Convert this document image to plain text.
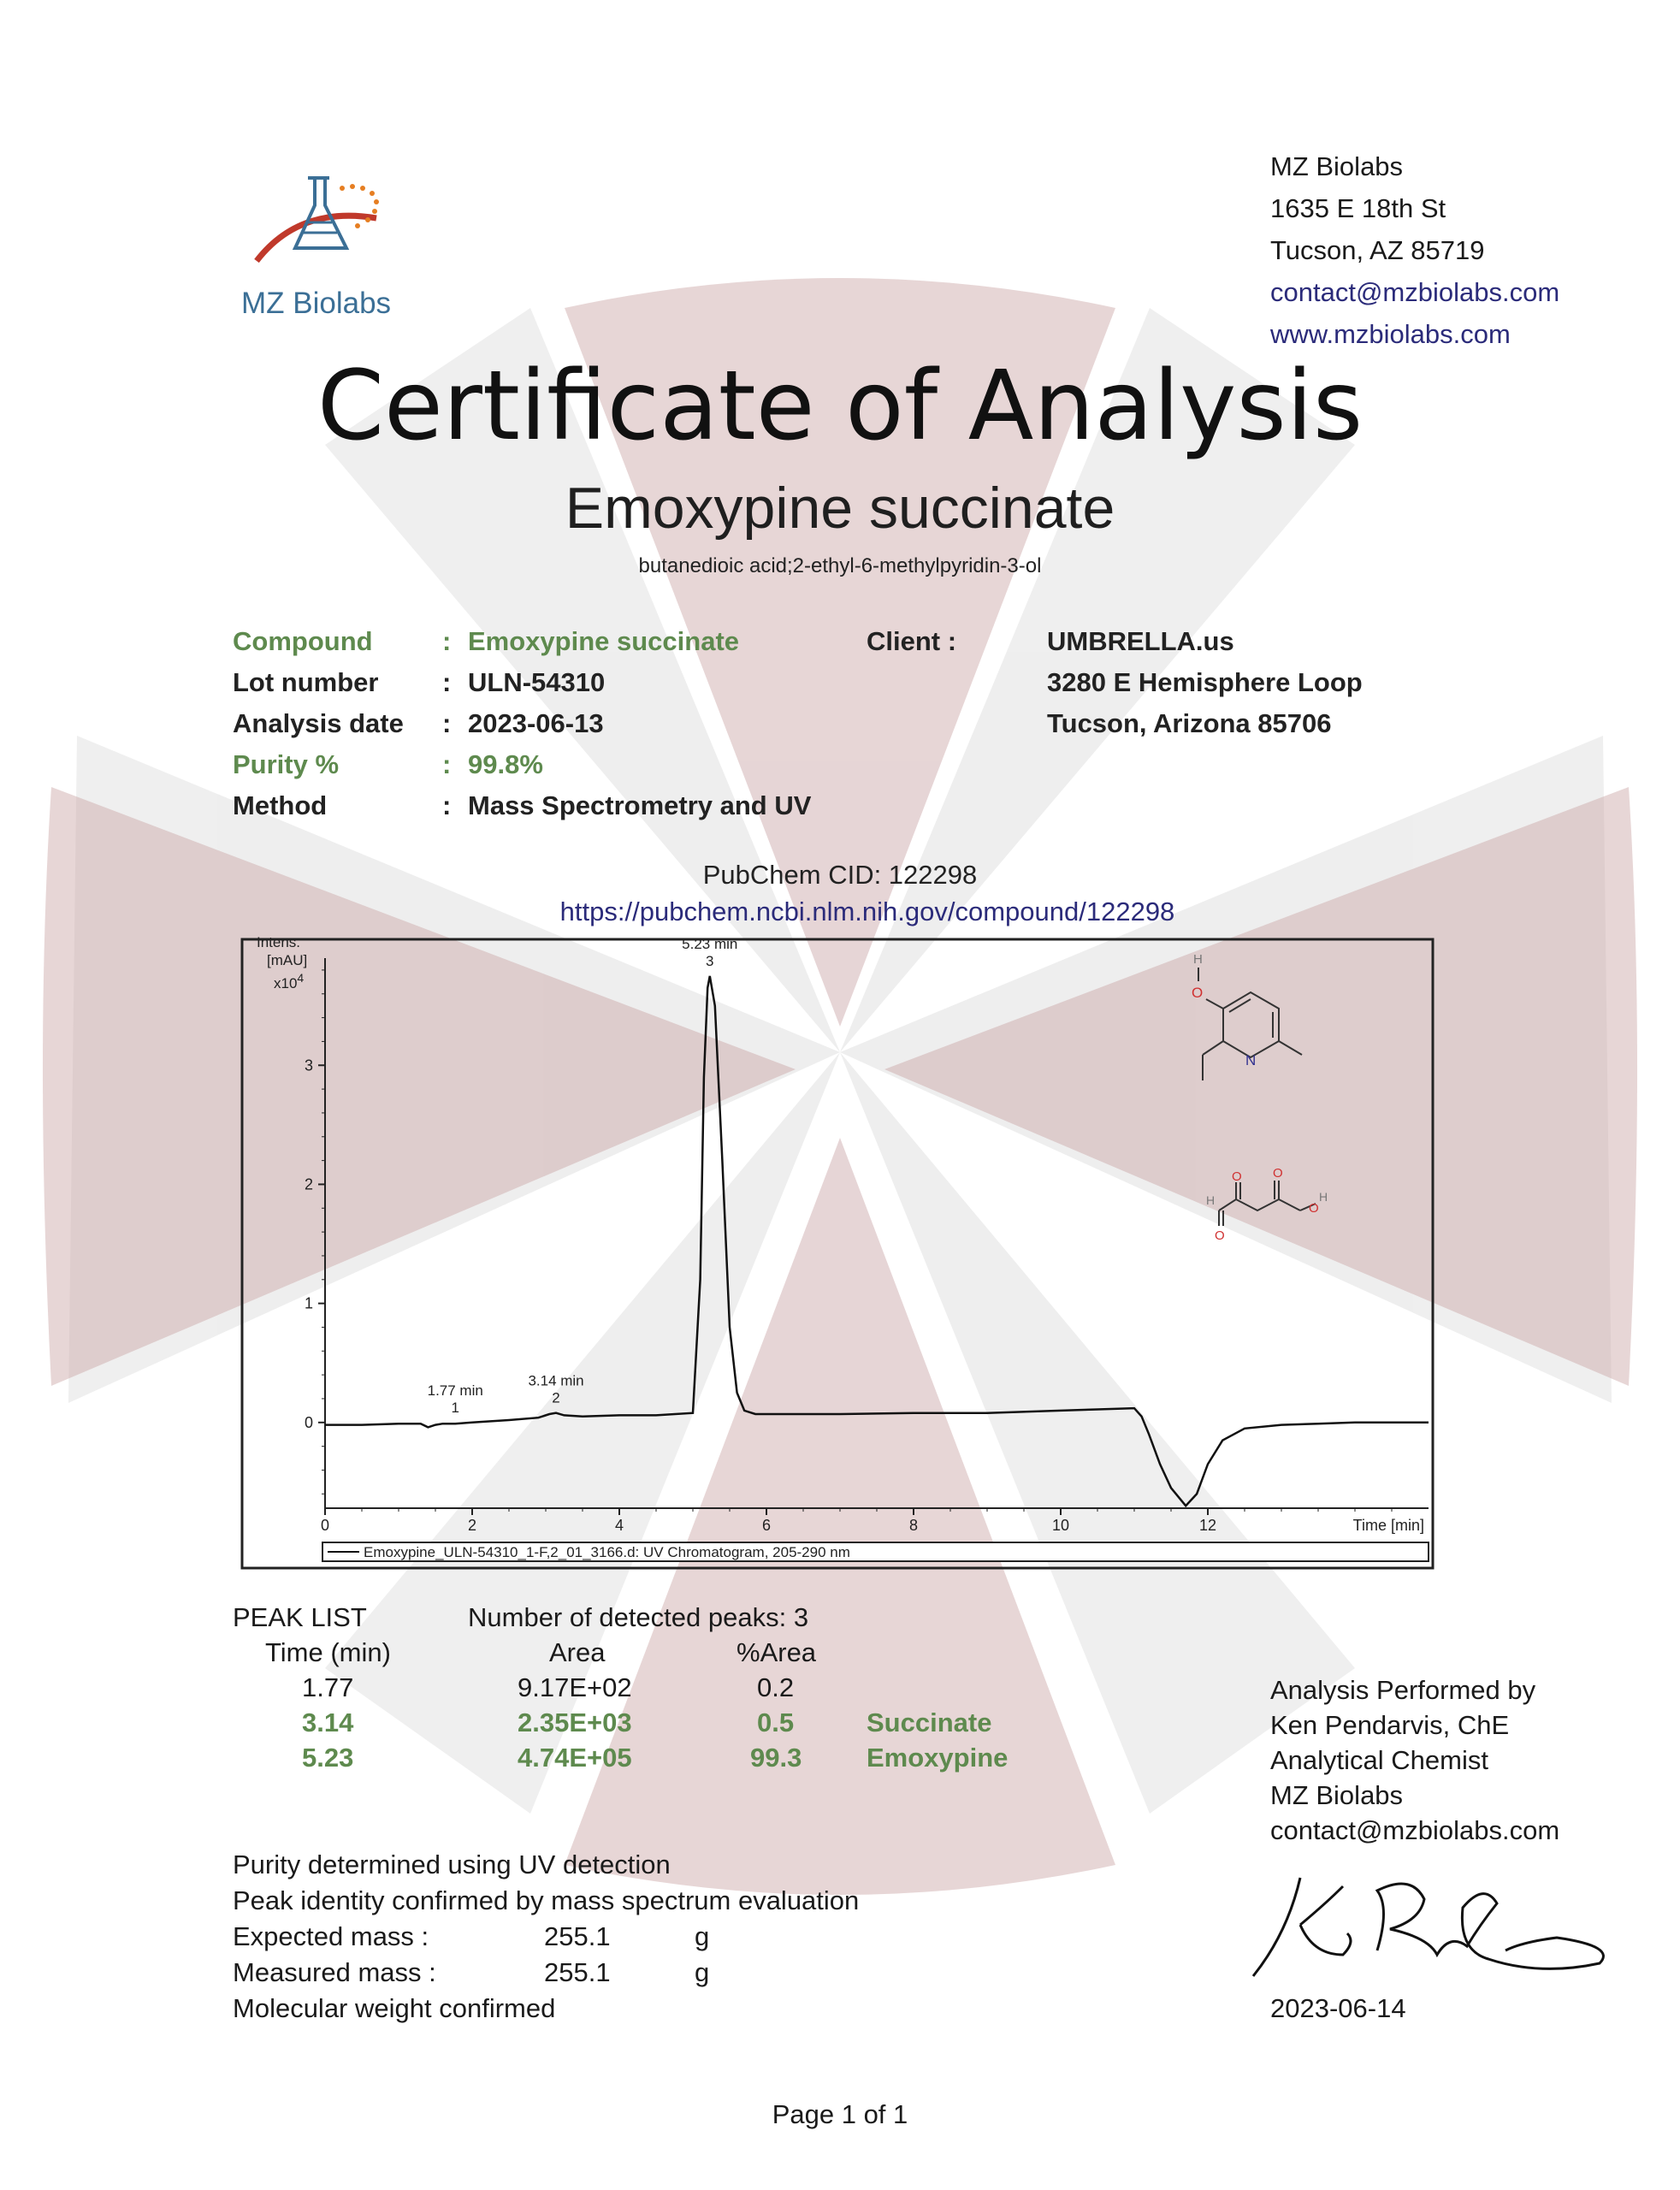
MZ Biolabs
MZ Biolabs
1635 E 18th St
Tucson, AZ 85719
contact@mzbiolabs.com
www.mzbiolabs.com
Certificate of Analysis
Emoxypine succinate
butanedioic acid;2-ethyl-6-methylpyridin-3-ol
Compound	: Emoxypine succinate
Lot number : ULN-54310
Analysis date : 2023-06-13
Purity %	: 99.8%
Method	: Mass Spectrometry and UV
Client :	UMBRELLA.us
3280 E Hemisphere Loop
Tucson, Arizona 85706
PubChem CID: 122298
https://pubchem.ncbi.nlm.nih.gov/compound/122298
0	2	4	6	8	10	12
0
1
2
3
1.77 min
1
3.14 min
2
5.23 min
3
Intens.
[mAU]
$x10^4$
Time [min]
Emoxypine_ULN-54310_1-F,2_01_3166.d: UV Chromatogram, 205-290 nm
H
O
N
H	H
O
O
O
O
PEAK LIST	Number of detected peaks: 3
Time (min)	Area	%Area
1.77	9.17E+02	0.2
3.14	2.35E+03	0.5	Succinate
5.23	4.74E+05	99.3 Emoxypine
Purity determined using UV detection
Peak identity confirmed by mass spectrum evaluation
Expected mass :	255.1	g
Measured mass :	255.1	g
Molecular weight confirmed
Analysis Performed by
Ken Pendarvis, ChE
Analytical Chemist
MZ Biolabs
contact@mzbiolabs.com
2023-06-14
Page 1 of 1
